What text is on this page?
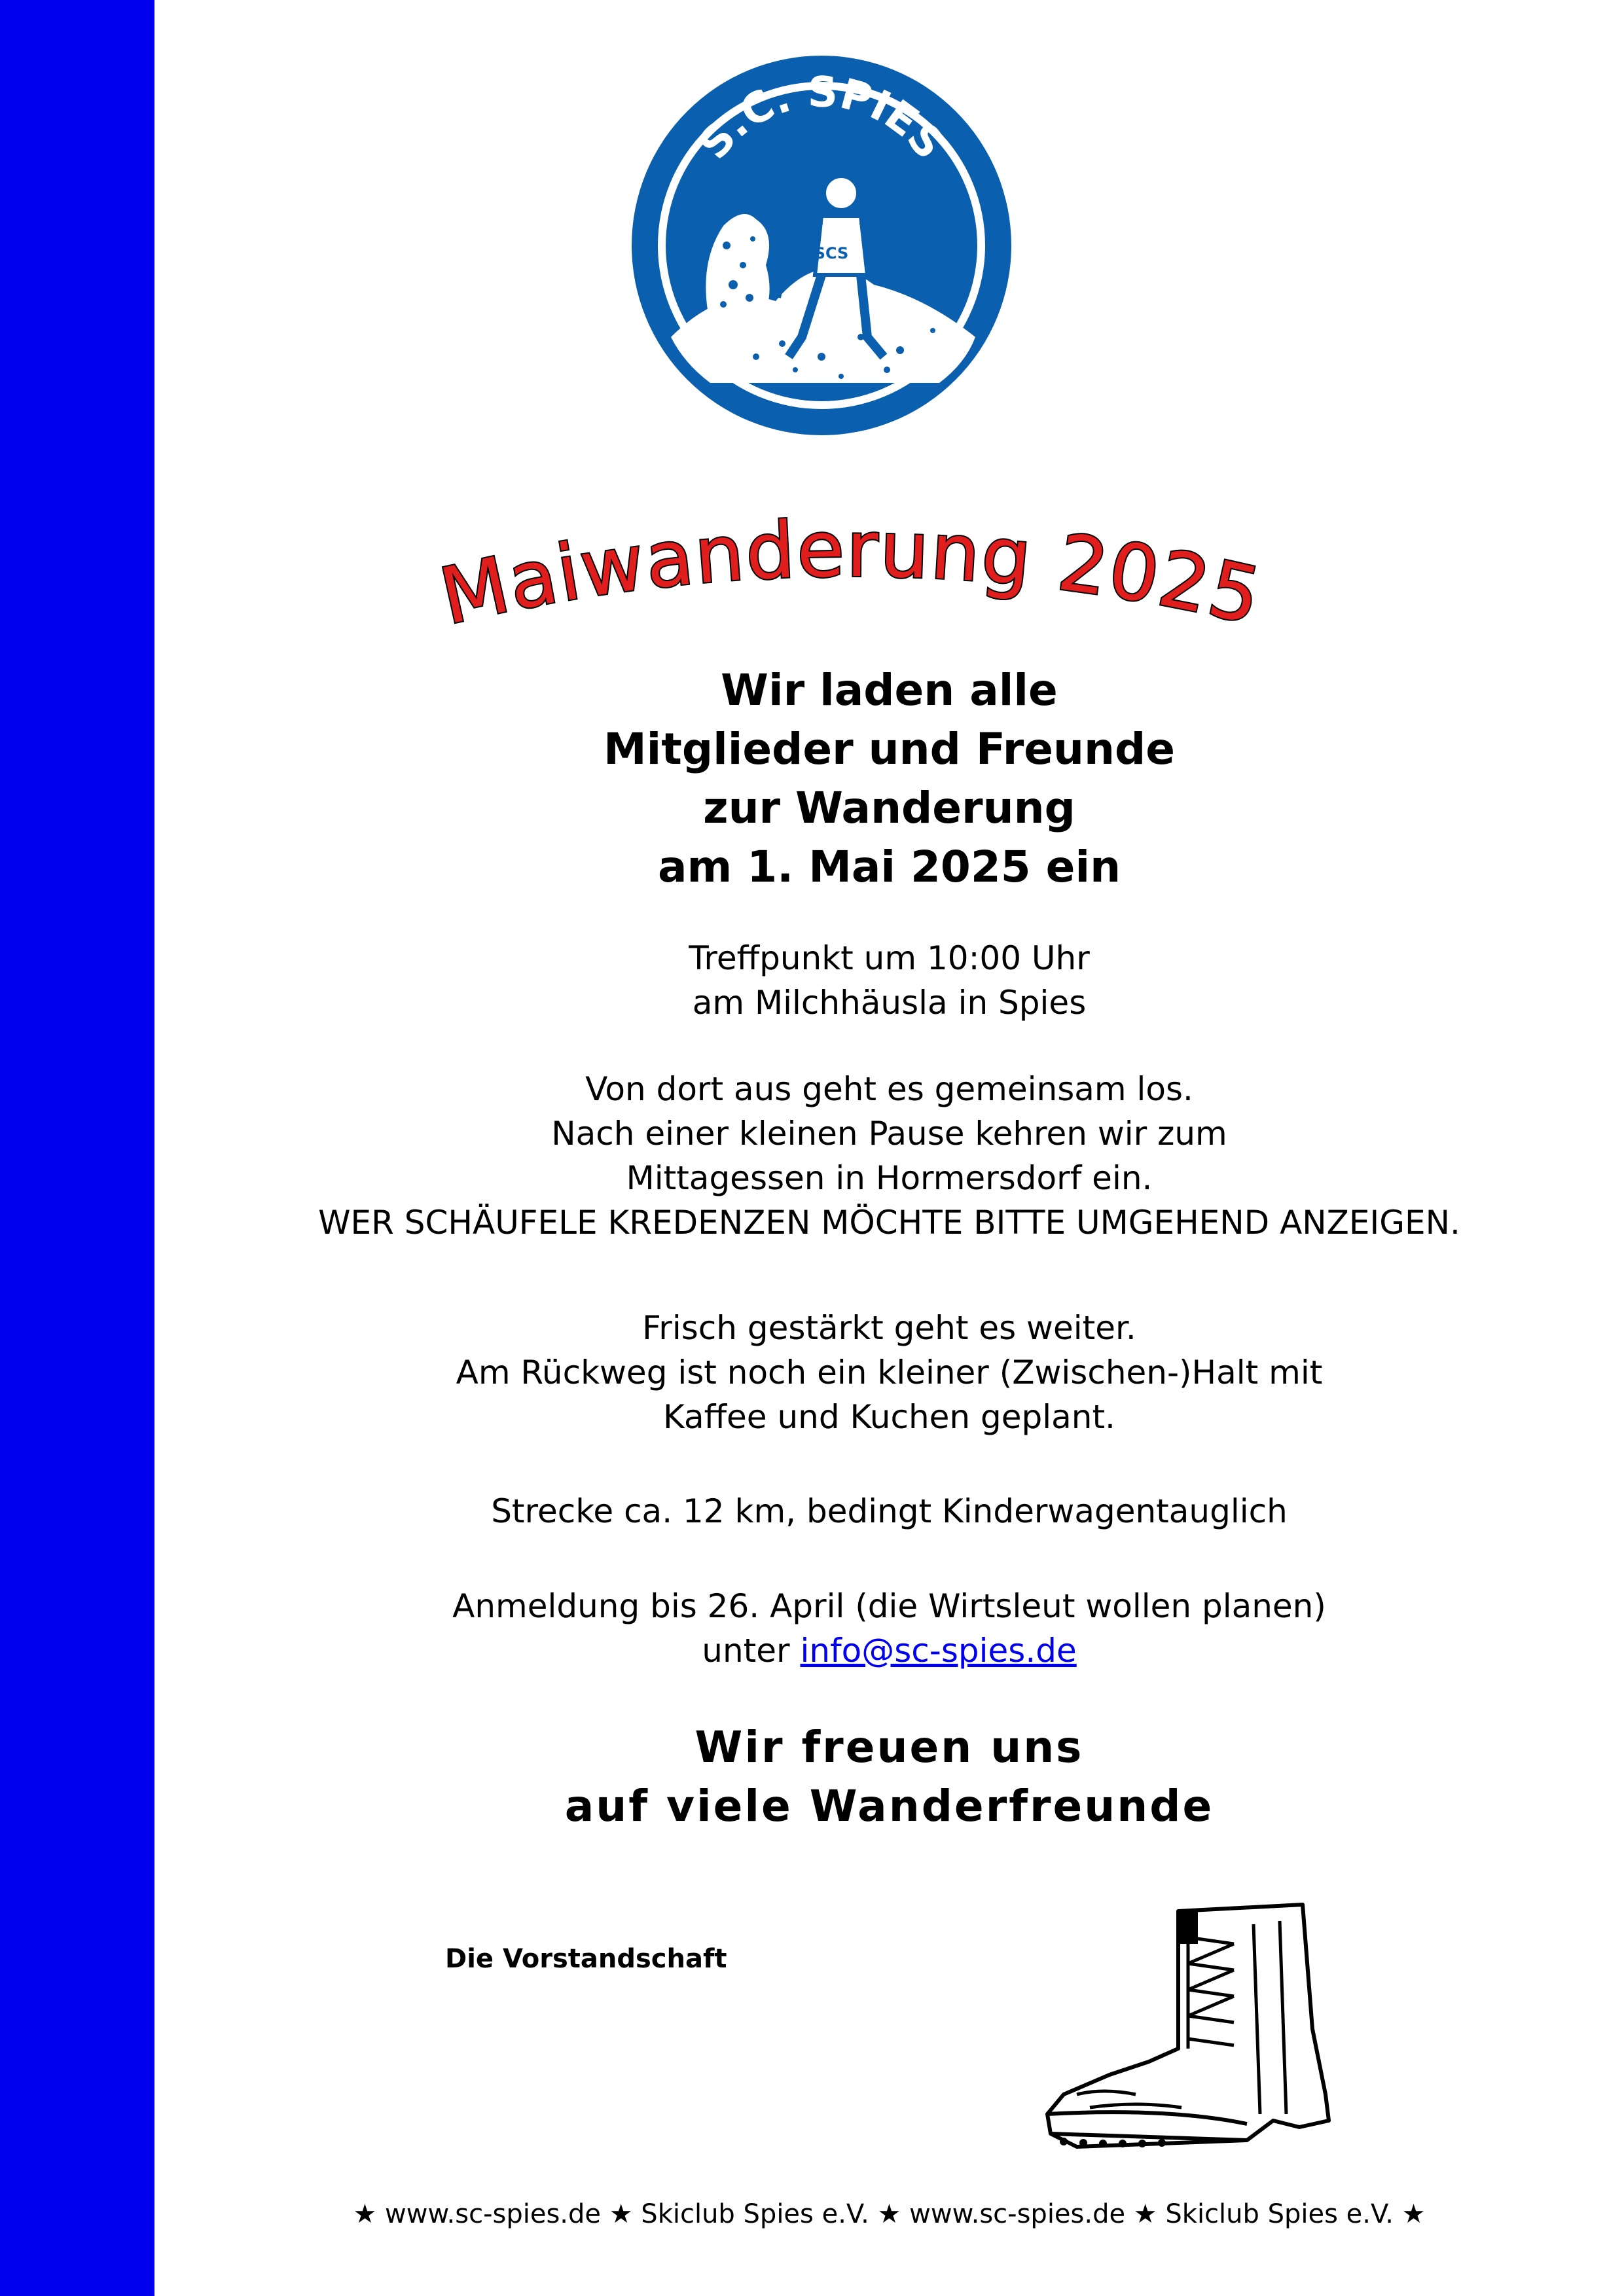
SCS
S.C. SPIES
Maiwanderung 2025
Wir laden alle
Mitglieder und Freunde
zur Wanderung
am 1. Mai 2025 ein
Treffpunkt um 10:00 Uhr
am Milchhäusla in Spies
Von dort aus geht es gemeinsam los.
Nach einer kleinen Pause kehren wir zum
Mittagessen in Hormersdorf ein.
WER SCHÄUFELE KREDENZEN MÖCHTE BITTE UMGEHEND ANZEIGEN.
Frisch gestärkt geht es weiter.
Am Rückweg ist noch ein kleiner (Zwischen-)Halt mit
Kaffee und Kuchen geplant.
Strecke ca. 12 km, bedingt Kinderwagentauglich
Anmeldung bis 26. April (die Wirtsleut wollen planen)
unter info@sc-spies.de
Wir freuen uns
auf viele Wanderfreunde
Die Vorstandschaft
★ www.sc-spies.de ★ Skiclub Spies e.V. ★ www.sc-spies.de ★ Skiclub Spies e.V. ★
